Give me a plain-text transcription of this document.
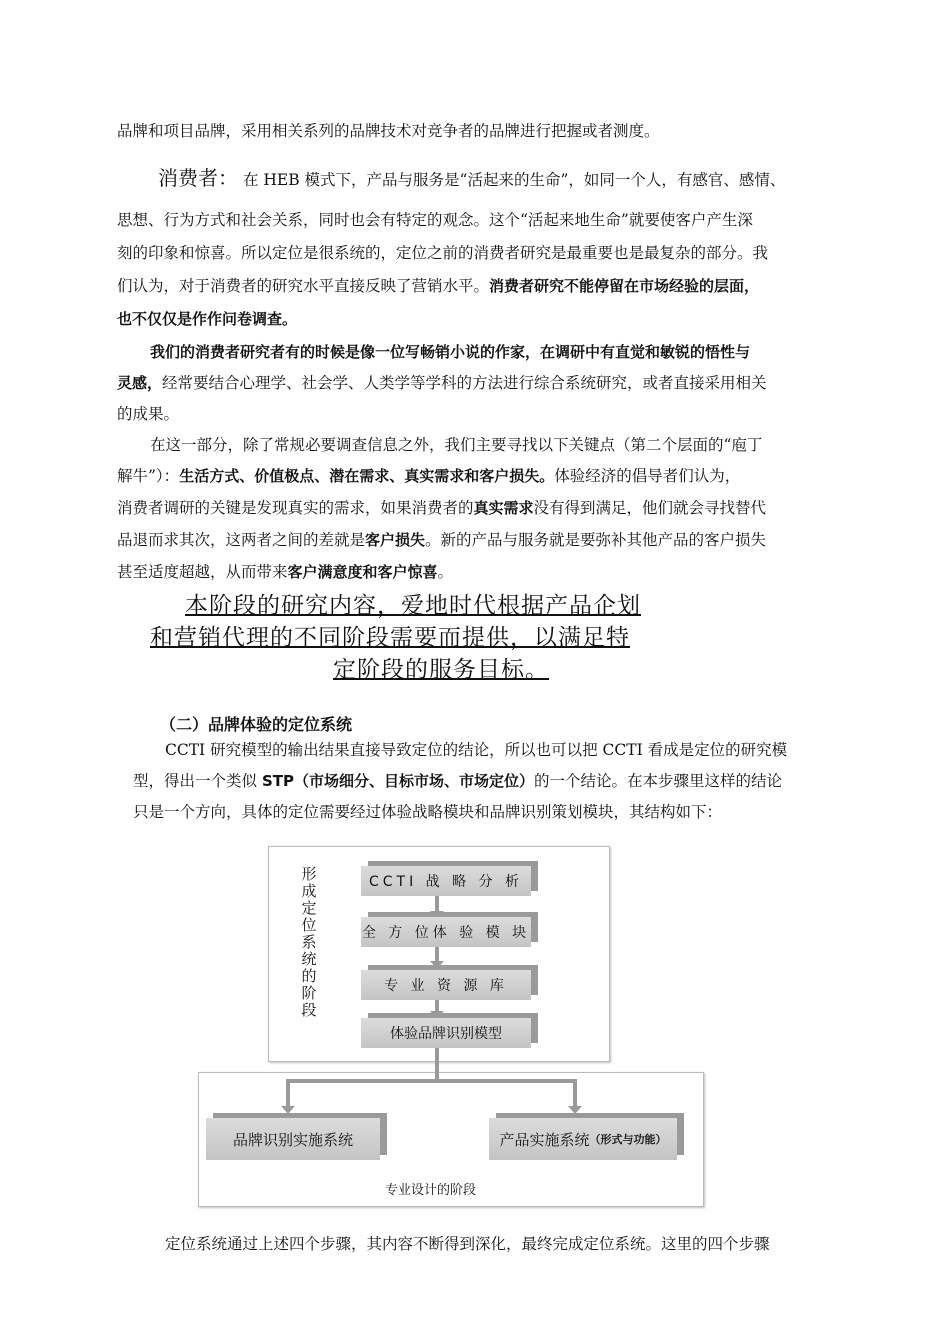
品牌和项目品牌，采用相关系列的品牌技术对竞争者的品牌进行把握或者测度。
消费者： 在 HEB 模式下，产品与服务是“活起来的生命”，如同一个人，有感官、感情、
思想、行为方式和社会关系，同时也会有特定的观念。这个“活起来地生命”就要使客户产生深
刻的印象和惊喜。所以定位是很系统的，定位之前的消费者研究是最重要也是最复杂的部分。我
们认为，对于消费者的研究水平直接反映了营销水平。消费者研究不能停留在市场经验的层面，
也不仅仅是作作问卷调查。
我们的消费者研究者有的时候是像一位写畅销小说的作家，在调研中有直觉和敏锐的悟性与
灵感，经常要结合心理学、社会学、人类学等学科的方法进行综合系统研究，或者直接采用相关
的成果。
在这一部分，除了常规必要调查信息之外，我们主要寻找以下关键点（第二个层面的“庖丁
解牛”）：生活方式、价值极点、潜在需求、真实需求和客户损失。体验经济的倡导者们认为，
消费者调研的关键是发现真实的需求，如果消费者的真实需求没有得到满足，他们就会寻找替代
品退而求其次，这两者之间的差就是客户损失。新的产品与服务就是要弥补其他产品的客户损失
甚至适度超越，从而带来客户满意度和客户惊喜。
本阶段的研究内容，爱地时代根据产品企划
和营销代理的不同阶段需要而提供，以满足特
定阶段的服务目标。
（二）品牌体验的定位系统
CCTI 研究模型的输出结果直接导致定位的结论，所以也可以把 CCTI 看成是定位的研究模
型，得出一个类似 STP（市场细分、目标市场、市场定位）的一个结论。在本步骤里这样的结论
只是一个方向，具体的定位需要经过体验战略模块和品牌识别策划模块，其结构如下：
形成定位系统的阶段
CCTI 战 略 分 析
全 方 位体 验 模 块
专 业 资 源 库
体验品牌识别模型
品牌识别实施系统	产品实施系统 （形式与功能）
专业设计的阶段
定位系统通过上述四个步骤，其内容不断得到深化，最终完成定位系统。这里的四个步骤
